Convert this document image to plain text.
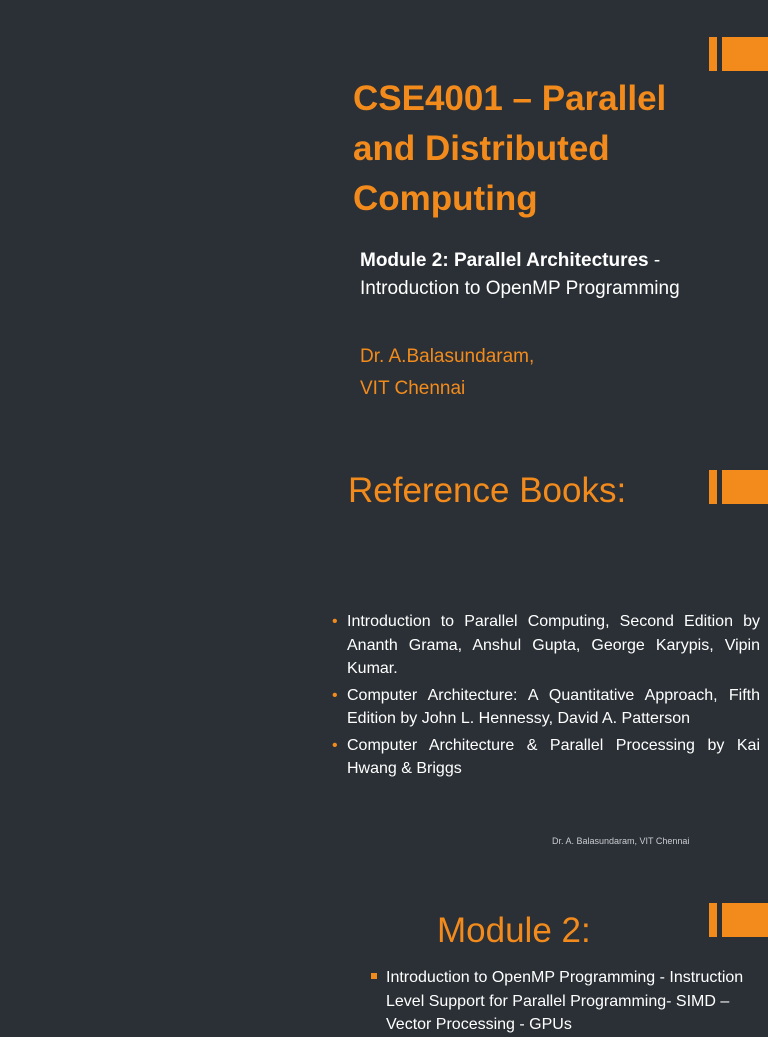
CSE4001 – Parallel
and Distributed
Computing
Module 2: Parallel Architectures -
Introduction to OpenMP Programming
Dr. A.Balasundaram,
VIT Chennai
Reference Books:
• Introduction to Parallel Computing, Second Edition by Ananth Grama, Anshul Gupta, George Karypis, Vipin Kumar.
• Computer Architecture: A Quantitative Approach, Fifth Edition by John L. Hennessy, David A. Patterson
• Computer Architecture & Parallel Processing by Kai Hwang & Briggs
Dr. A. Balasundaram, VIT Chennai
Module 2:
Introduction to OpenMP Programming - Instruction Level Support for Parallel Programming- SIMD – Vector Processing - GPUs
